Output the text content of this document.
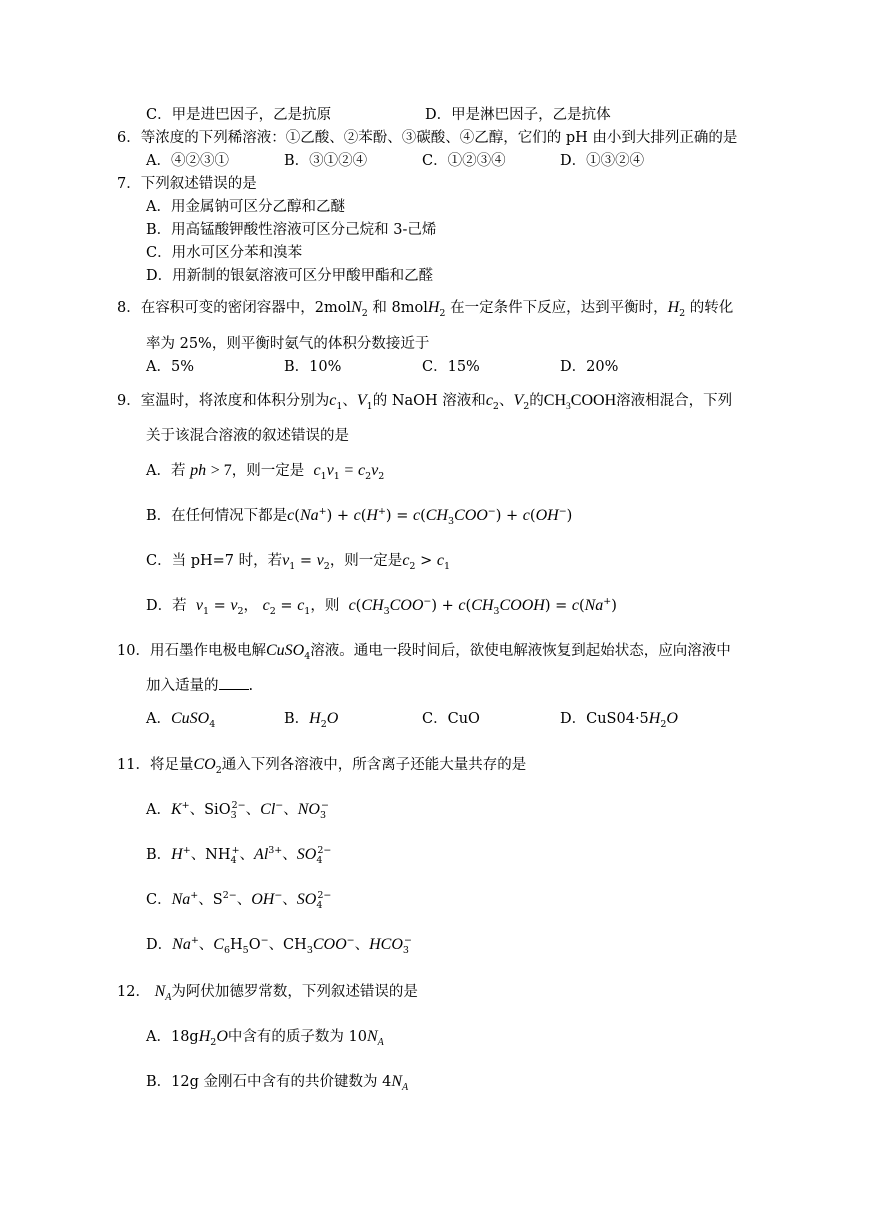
C．甲是进巴因子，乙是抗原	D．甲是淋巴因子，乙是抗体
6．等浓度的下列稀溶液：①乙酸、②苯酚、③碳酸、④乙醇，它们的 pH 由小到大排列正确的是
A．④②③①	B．③①②④	C．①②③④	D．①③②④
7．下列叙述错误的是
A．用金属钠可区分乙醇和乙醚
B．用高锰酸钾酸性溶液可区分己烷和 3-己烯
C．用水可区分苯和溴苯
D．用新制的银氨溶液可区分甲酸甲酯和乙醛
8．在容积可变的密闭容器中，2molN$_2$ 和 8molH$_2$ 在一定条件下反应，达到平衡时，$H_2$ 的转化
率为 25%，则平衡时氨气的体积分数接近于
A．5%	B．10%	C．15%	D．20%
9．室温时，将浓度和体积分别为$c_1$、$V_1$的 NaOH 溶液和$c_2$、$V_2$的$CH_3COOH$溶液相混合，下列
关于该混合溶液的叙述错误的是
A．若 ph > 7，则一定是 $c_1v_1 = c_2v_2$
B．在任何情况下都是$c(Na^+) + c(H^+) = c(CH_3COO^-) + c(OH^-)$
C．当 pH=7 时，若$v_1 = v_2$，则一定是$c_2 > c_1$
D．若 $v_1 = v_2$， $c_2 = c_1$，则 $c(CH_3COO^-)$ + $c(CH_3COOH) = c(Na^+)$
10．用石墨作电极电解CuSO$_4$溶液。通电一段时间后，欲使电解液恢复到起始状态，应向溶液中
加入适量的 .
A．CuSO$_4$	B．$H_2O$	C．CuO	D．$CuS04\cdot 5H_2O$
11．将足量$CO_2$通入下列各溶液中，所含离子还能大量共存的是
A．K+、SiO$_3^{2-}$、Cl−、$NO_3^-$
B．H+、$NH_4^+$、$Al^{3+}$、$SO_4^{2-}$
C．Na+、$S^{2-}$、OH−、$SO_4^{2-}$
D．Na+、$C_6H_5O^-$、$CH_3COO^-$、$HCO_3^-$
12． $N_A$为阿伏加德罗常数，下列叙述错误的是
A．$18gH_2O$中含有的质子数为 $10N_A$
B．12g 金刚石中含有的共价键数为 $4N_A$
